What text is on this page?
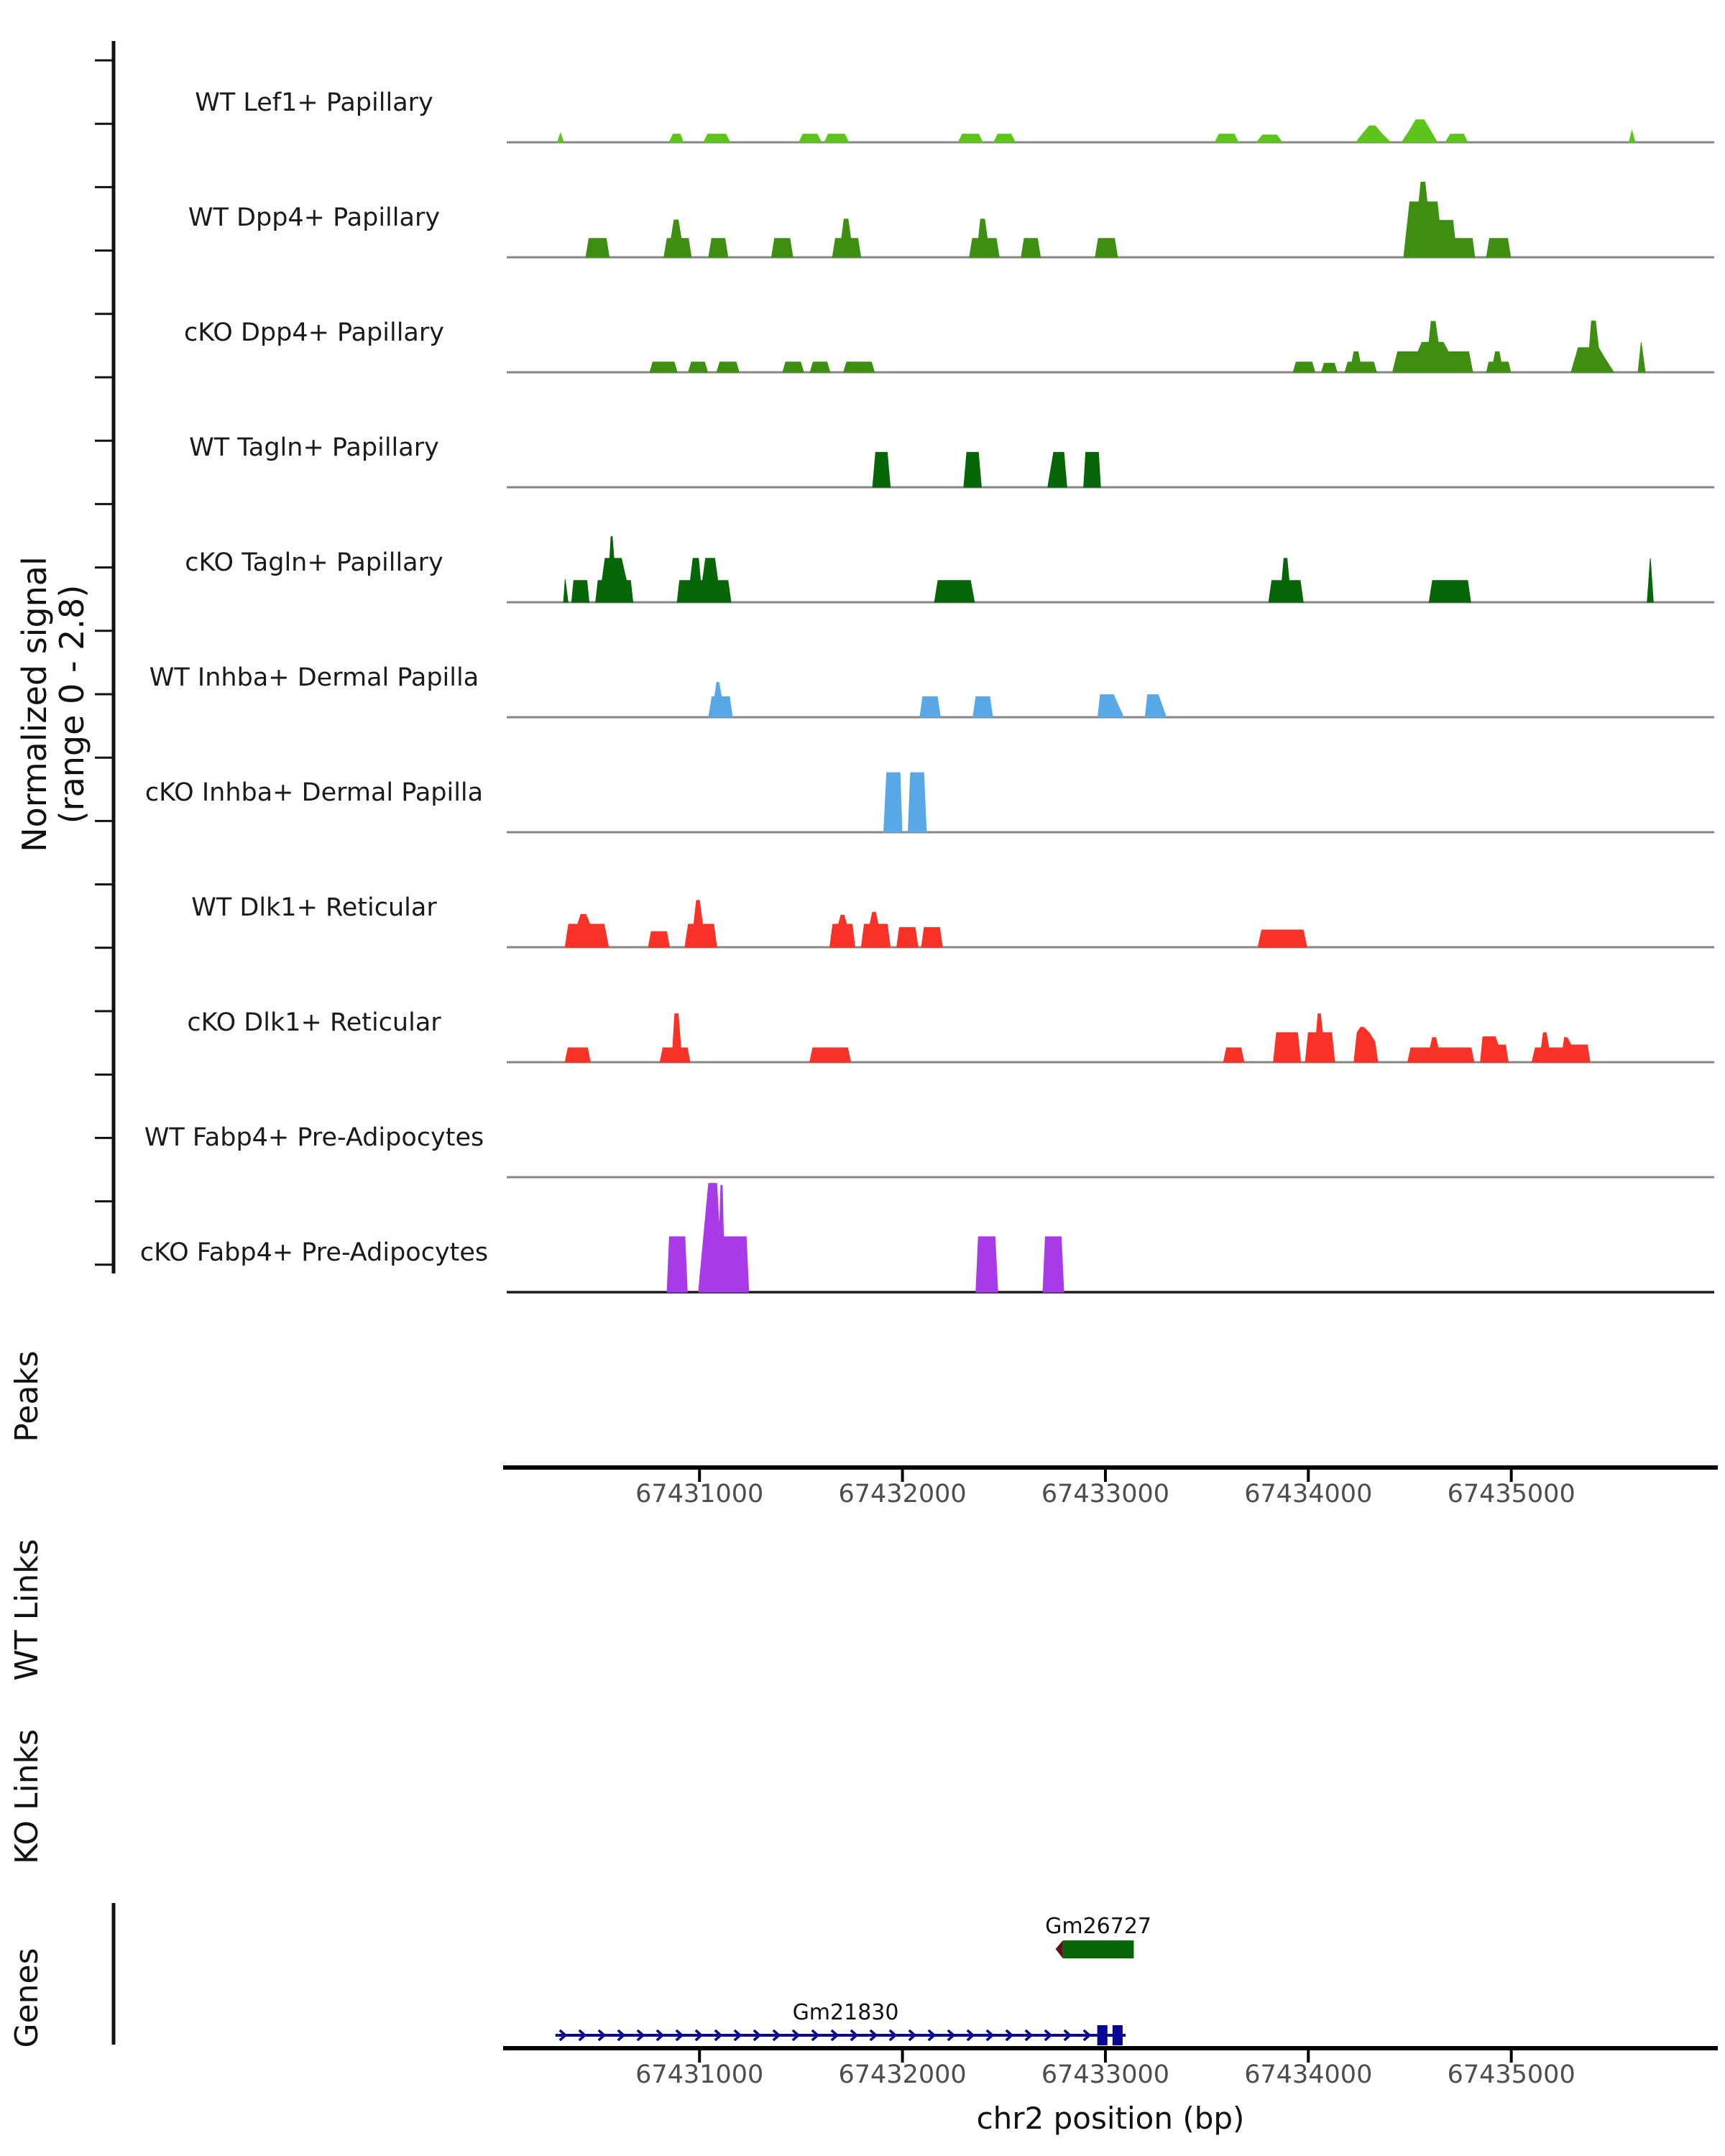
Normalized signal
(range 0 - 2.8)
Peaks
WT Links
KO Links
Genes
WT Lef1+ Papillary
WT Dpp4+ Papillary
cKO Dpp4+ Papillary
WT Tagln+ Papillary
cKO Tagln+ Papillary
WT Inhba+ Dermal Papilla
cKO Inhba+ Dermal Papilla
WT Dlk1+ Reticular
cKO Dlk1+ Reticular
WT Fabp4+ Pre-Adipocytes
cKO Fabp4+ Pre-Adipocytes
67431000	67432000	67433000	67434000	67435000
Gm26727
Gm21830
67431000	67432000	67433000	67434000	67435000
chr2 position (bp)
